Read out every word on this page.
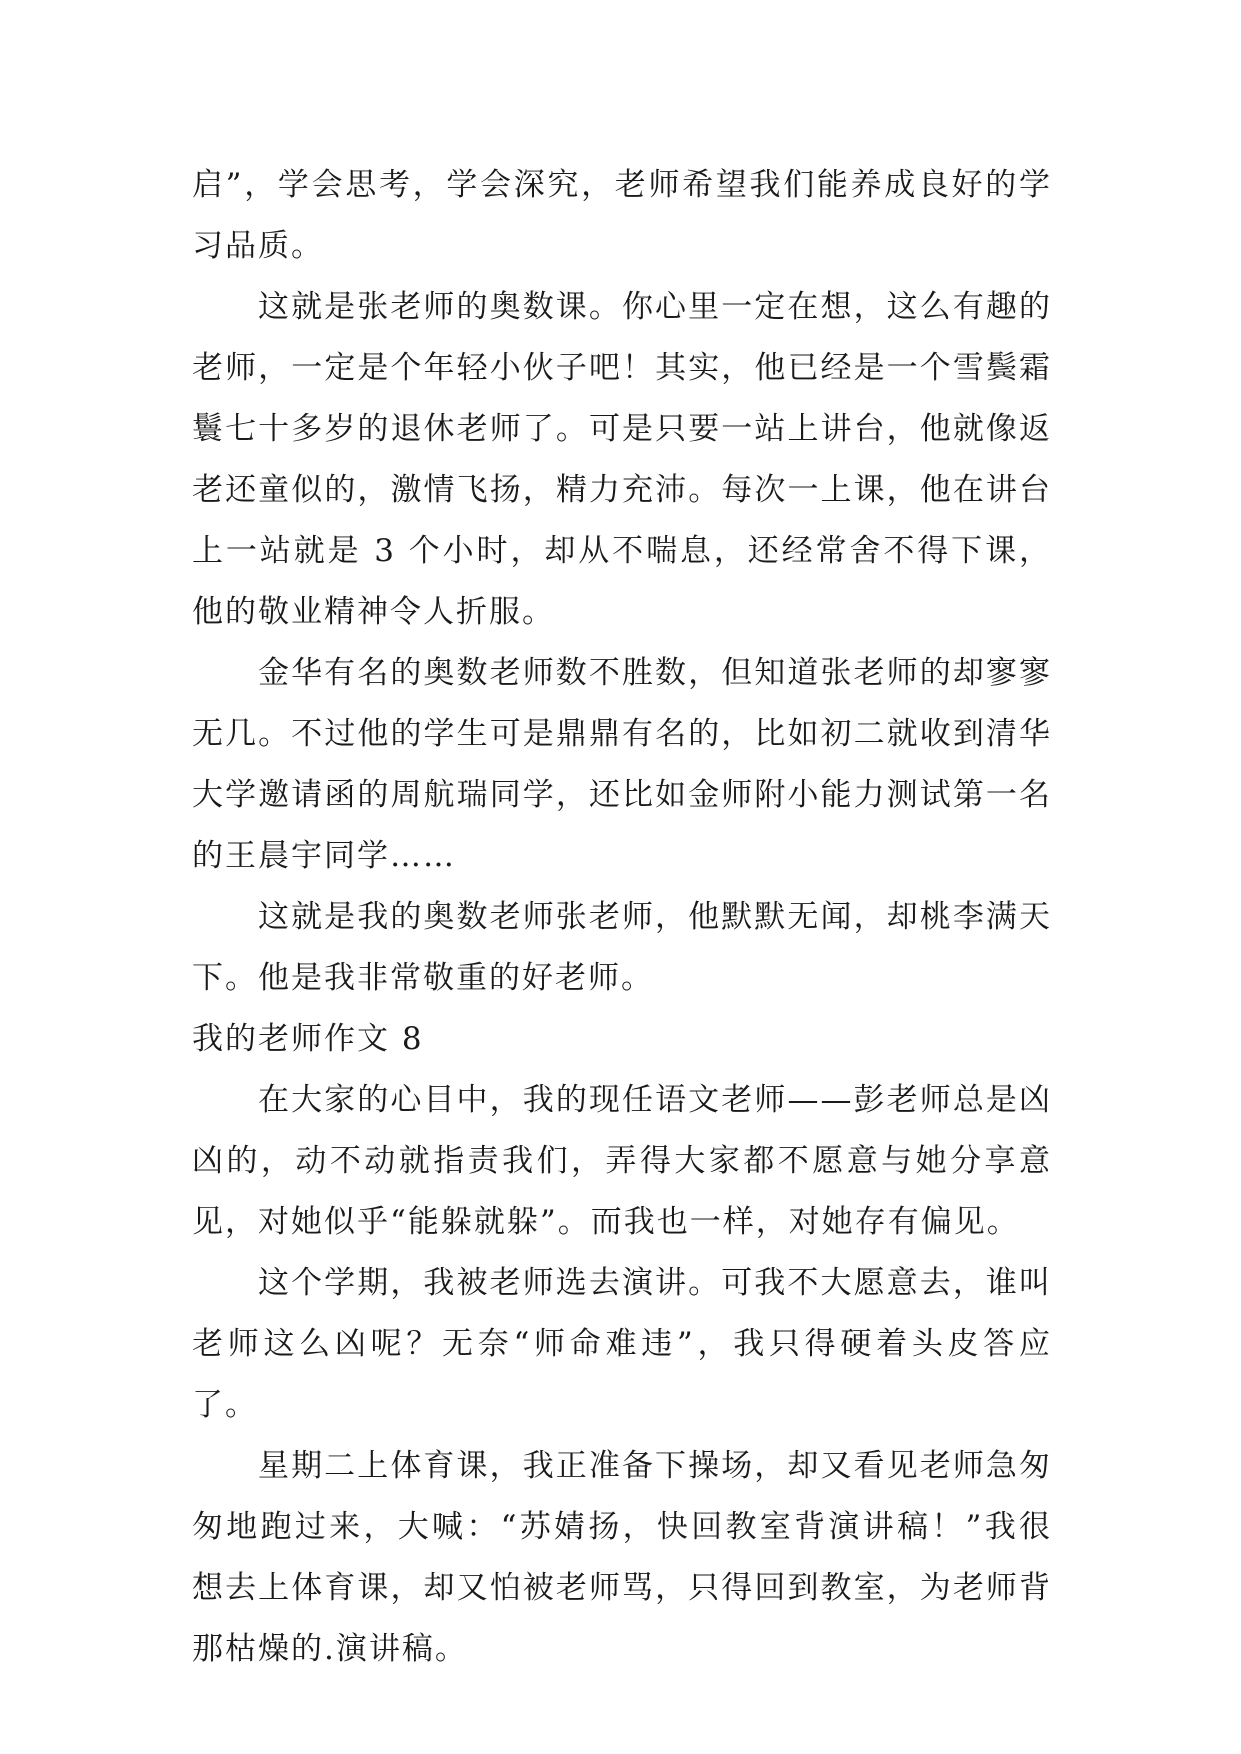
启”，学会思考，学会深究，老师希望我们能养成良好的学习品质。

这就是张老师的奥数课。你心里一定在想，这么有趣的老师，一定是个年轻小伙子吧！其实，他已经是一个雪鬓霜鬟七十多岁的退休老师了。可是只要一站上讲台，他就像返老还童似的，激情飞扬，精力充沛。每次一上课，他在讲台上一站就是 3 个小时，却从不喘息，还经常舍不得下课，他的敬业精神令人折服。

金华有名的奥数老师数不胜数，但知道张老师的却寥寥无几。不过他的学生可是鼎鼎有名的，比如初二就收到清华大学邀请函的周航瑞同学，还比如金师附小能力测试第一名的王晨宇同学……

这就是我的奥数老师张老师，他默默无闻，却桃李满天下。他是我非常敬重的好老师。

我的老师作文 8

在大家的心目中，我的现任语文老师——彭老师总是凶凶的，动不动就指责我们，弄得大家都不愿意与她分享意见，对她似乎“能躲就躲”。而我也一样，对她存有偏见。

这个学期，我被老师选去演讲。可我不大愿意去，谁叫老师这么凶呢？无奈“师命难违”，我只得硬着头皮答应了。

星期二上体育课，我正准备下操场，却又看见老师急匆匆地跑过来，大喊：“苏婧扬，快回教室背演讲稿！”我很想去上体育课，却又怕被老师骂，只得回到教室，为老师背那枯燥的.演讲稿。
